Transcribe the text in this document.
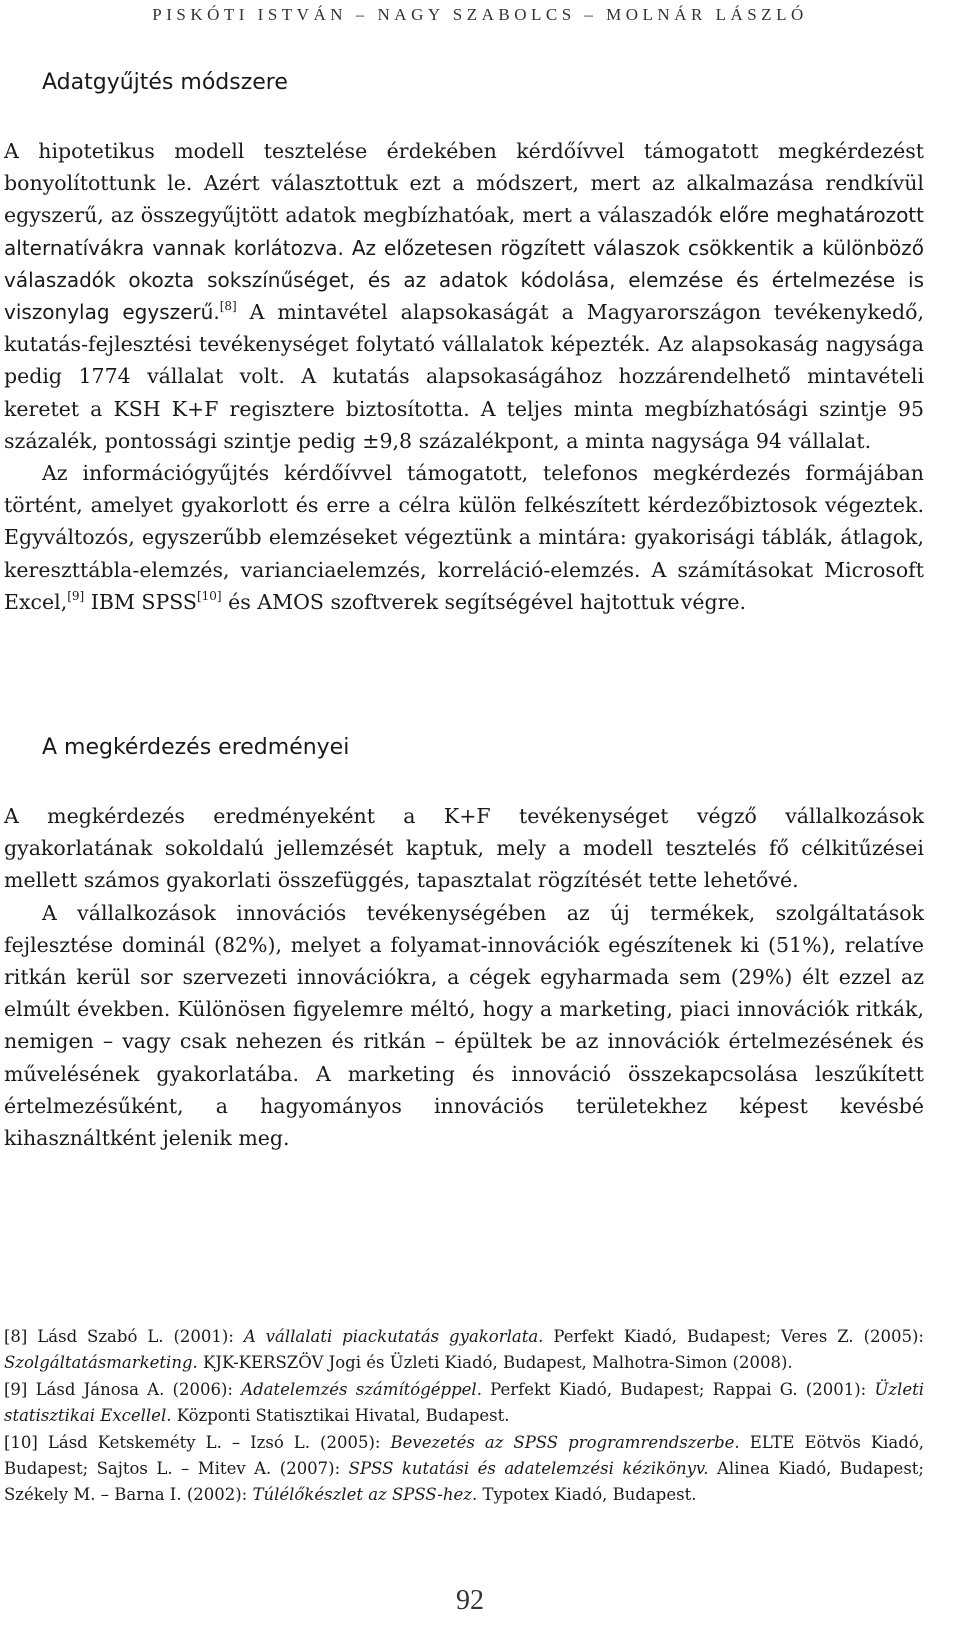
PISKÓTI ISTVÁN – NAGY SZABOLCS – MOLNÁR LÁSZLÓ
Adatgyűjtés módszere

A hipotetikus modell tesztelése érdekében kérdőívvel támogatott megkérdezést bonyolítottunk le. Azért választottuk ezt a módszert, mert az alkalmazása rendkívül egyszerű, az összegyűjtött adatok megbízhatóak, mert a válaszadók előre meghatározott alternatívákra vannak korlátozva. Az előzetesen rögzített válaszok csökkentik a különböző válaszadók okozta sokszínűséget, és az adatok kódolása, elemzése és értelmezése is viszonylag egyszerű.[8] A mintavétel alapsokaságát a Magyarországon tevékenykedő, kutatás-fejlesztési tevékenységet folytató vállalatok képezték. Az alapsokaság nagysága pedig 1774 vállalat volt. A kutatás alapsokaságához hozzárendelhető mintavételi keretet a KSH K+F regisztere biztosította. A teljes minta megbízhatósági szintje 95 százalék, pontossági szintje pedig ±9,8 százalékpont, a minta nagysága 94 vállalat.

Az információgyűjtés kérdőívvel támogatott, telefonos megkérdezés formájában történt, amelyet gyakorlott és erre a célra külön felkészített kérdezőbiztosok végeztek. Egyváltozós, egyszerűbb elemzéseket végeztünk a mintára: gyakorisági táblák, átlagok, kereszttábla-elemzés, varianciaelemzés, korreláció-elemzés. A számításokat Microsoft Excel,[9] IBM SPSS[10] és AMOS szoftverek segítségével hajtottuk végre.

A megkérdezés eredményei

A megkérdezés eredményeként a K+F tevékenységet végző vállalkozások gyakorlatának sokoldalú jellemzését kaptuk, mely a modell tesztelés fő célkitűzései mellett számos gyakorlati összefüggés, tapasztalat rögzítését tette lehetővé.

A vállalkozások innovációs tevékenységében az új termékek, szolgáltatások fejlesztése dominál (82%), melyet a folyamat-innovációk egészítenek ki (51%), relatíve ritkán kerül sor szervezeti innovációkra, a cégek egyharmada sem (29%) élt ezzel az elmúlt években. Különösen figyelemre méltó, hogy a marketing, piaci innovációk ritkák, nemigen – vagy csak nehezen és ritkán – épültek be az innovációk értelmezésének és művelésének gyakorlatába. A marketing és innováció összekapcsolása leszűkített értelmezésűként, a hagyományos innovációs területekhez képest kevésbé kihasználtként jelenik meg.

[8] Lásd Szabó L. (2001): A vállalati piackutatás gyakorlata. Perfekt Kiadó, Budapest; Veres Z. (2005): Szolgáltatásmarketing. KJK-KERSZÖV Jogi és Üzleti Kiadó, Budapest, Malhotra-Simon (2008).

[9] Lásd Jánosa A. (2006): Adatelemzés számítógéppel. Perfekt Kiadó, Budapest; Rappai G. (2001): Üzleti statisztikai Excellel. Központi Statisztikai Hivatal, Budapest.

[10] Lásd Ketskeméty L. – Izsó L. (2005): Bevezetés az SPSS programrendszerbe. ELTE Eötvös Kiadó, Budapest; Sajtos L. – Mitev A. (2007): SPSS kutatási és adatelemzési kézikönyv. Alinea Kiadó, Budapest; Székely M. – Barna I. (2002): Túlélőkészlet az SPSS-hez. Typotex Kiadó, Budapest.

92
